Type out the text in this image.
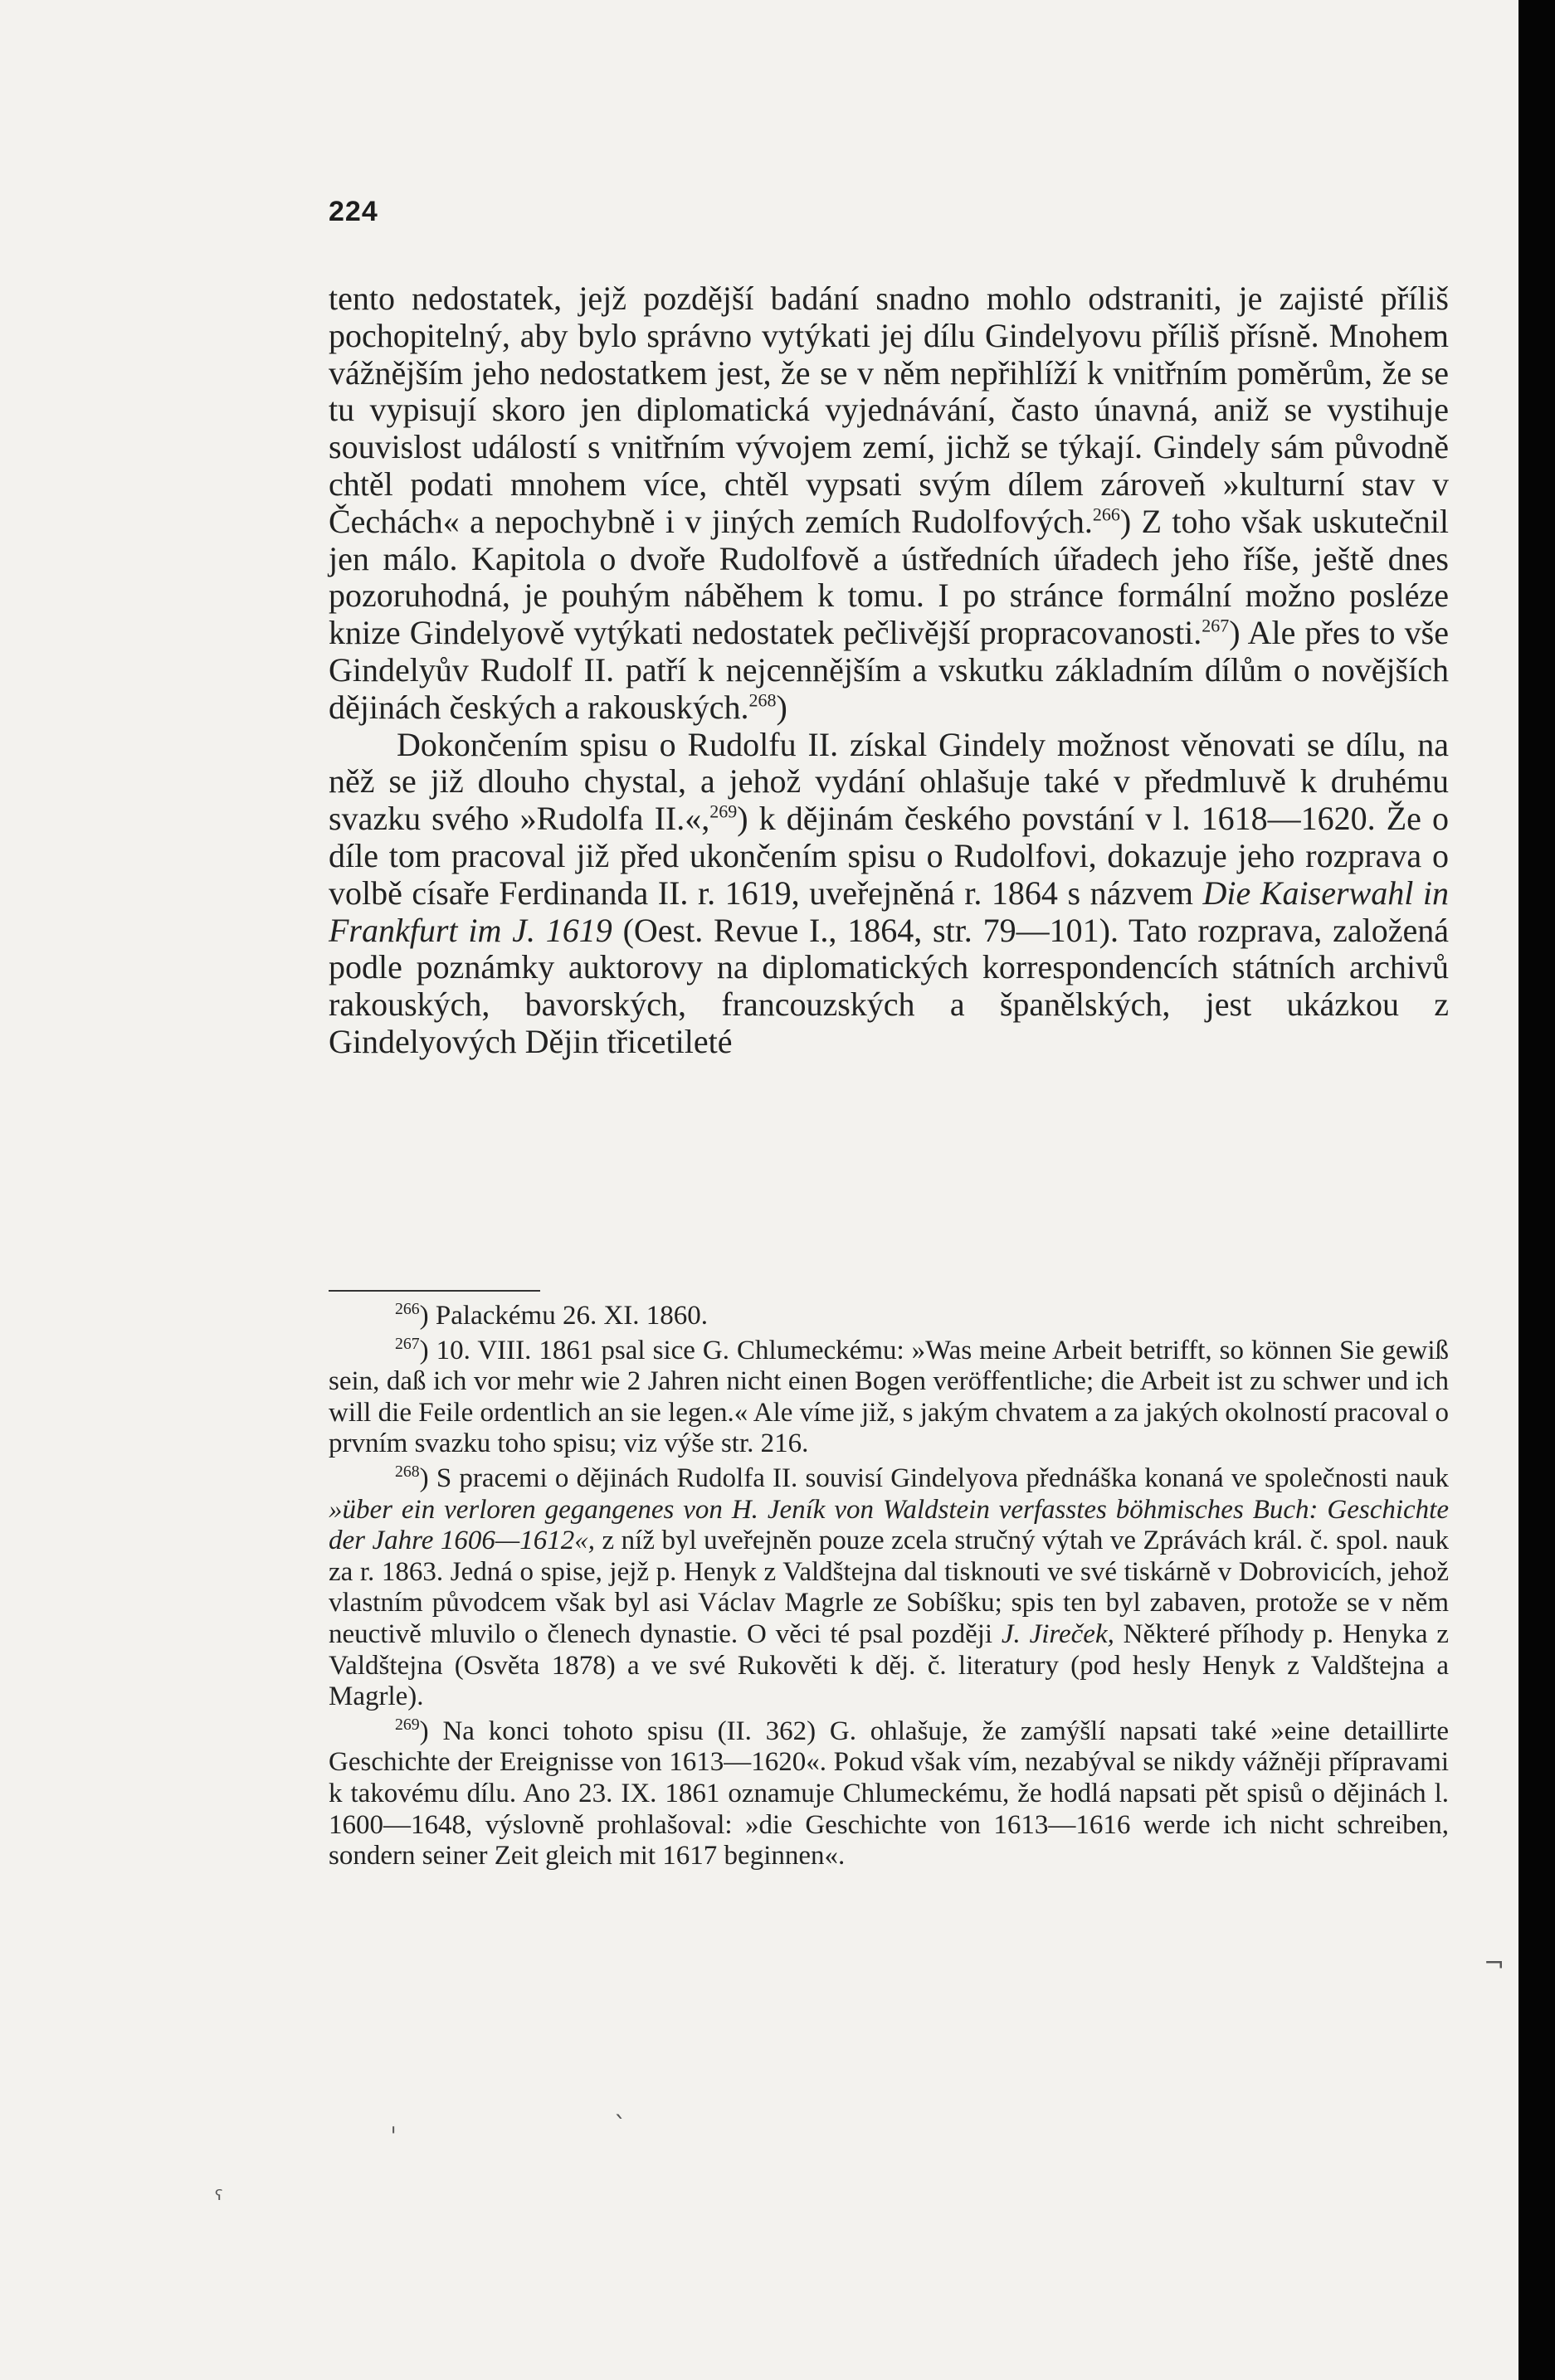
224

tento nedostatek, jejž pozdější badání snadno mohlo odstraniti, je zajisté příliš pochopitelný, aby bylo správno vytýkati jej dílu Gindelyovu příliš přísně. Mnohem vážnějším jeho nedostatkem jest, že se v něm nepřihlíží k vnitřním poměrům, že se tu vypisují skoro jen diplomatická vyjednávání, často únavná, aniž se vystihuje souvislost událostí s vnitřním vývojem zemí, jichž se týkají. Gindely sám původně chtěl podati mnohem více, chtěl vypsati svým dílem zároveň »kulturní stav v Čechách« a nepochybně i v jiných zemích Rudolfových.$^{266}$) Z toho však uskutečnil jen málo. Kapitola o dvoře Rudolfově a ústředních úřadech jeho říše, ještě dnes pozoruhodná, je pouhým náběhem k tomu. I po stránce formální možno posléze knize Gindelyově vytýkati nedostatek pečlivější propracovanosti.$^{267}$) Ale přes to vše Gindelyův Rudolf II. patří k nejcennějším a vskutku základním dílům o novějších dějinách českých a rakouských.$^{268}$)

Dokončením spisu o Rudolfu II. získal Gindely možnost věnovati se dílu, na něž se již dlouho chystal, a jehož vydání ohlašuje také v předmluvě k druhému svazku svého »Rudolfa II.«,$^{269}$) k dějinám českého povstání v l. 1618—1620. Že o díle tom pracoval již před ukončením spisu o Rudolfovi, dokazuje jeho rozprava o volbě císaře Ferdinanda II. r. 1619, uveřejněná r. 1864 s názvem Die Kaiserwahl in Frankfurt im J. 1619 (Oest. Revue I., 1864, str. 79—101). Tato rozprava, založená podle poznámky auktorovy na diplomatických korrespondencích státních archivů rakouských, bavorských, francouzských a španělských, jest ukázkou z Gindelyových Dějin třicetileté

$^{266}$) Palackému 26. XI. 1860.

$^{267}$) 10. VIII. 1861 psal sice G. Chlumeckému: »Was meine Arbeit betrifft, so können Sie gewiß sein, daß ich vor mehr wie 2 Jahren nicht einen Bogen veröffentliche; die Arbeit ist zu schwer und ich will die Feile ordentlich an sie legen.« Ale víme již, s jakým chvatem a za jakých okolností pracoval o prvním svazku toho spisu; viz výše str. 216.

$^{268}$) S pracemi o dějinách Rudolfa II. souvisí Gindelyova přednáška konaná ve společnosti nauk »über ein verloren gegangenes von H. Jeník von Waldstein verfasstes böhmisches Buch: Geschichte der Jahre 1606—1612«, z níž byl uveřejněn pouze zcela stručný výtah ve Zprávách král. č. spol. nauk za r. 1863. Jedná o spise, jejž p. Henyk z Valdštejna dal tisknouti ve své tiskárně v Dobrovicích, jehož vlastním původcem však byl asi Václav Magrle ze Sobíšku; spis ten byl zabaven, protože se v něm neuctivě mluvilo o členech dynastie. O věci té psal později J. Jireček, Některé příhody p. Henyka z Valdštejna (Osvěta 1878) a ve své Rukověti k děj. č. literatury (pod hesly Henyk z Valdštejna a Magrle).

$^{269}$) Na konci tohoto spisu (II. 362) G. ohlašuje, že zamýšlí napsati také »eine detaillirte Geschichte der Ereignisse von 1613—1620«. Pokud však vím, nezabýval se nikdy vážněji přípravami k takovému dílu. Ano 23. IX. 1861 oznamuje Chlumeckému, že hodlá napsati pět spisů o dějinách l. 1600—1648, výslovně prohlašoval: »die Geschichte von 1613—1616 werde ich nicht schreiben, sondern seiner Zeit gleich mit 1617 beginnen«.

¬
ˌ
ˎ
ˤ
